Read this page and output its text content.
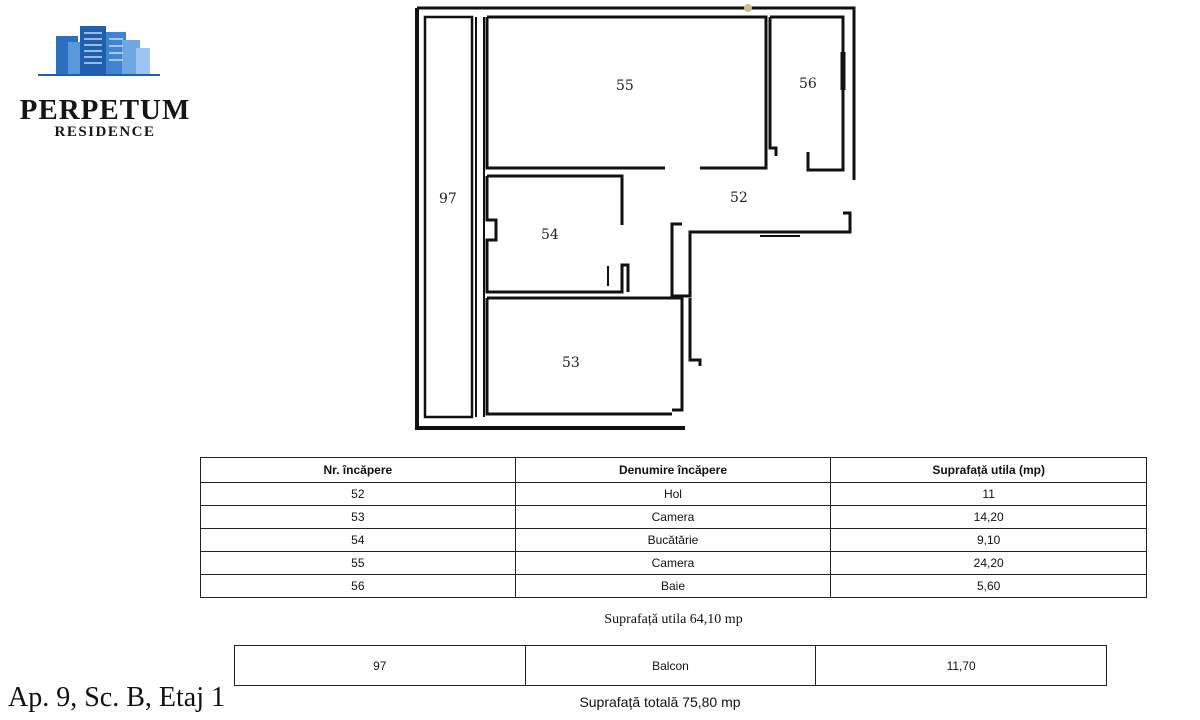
PERPETUM
RESIDENCE
55	56
97	52
54
53
Nr. încăpere	Denumire încăpere	Suprafață utila (mp)
52	Hol	11
53	Camera	14,20
54	Bucătărie	9,10
55	Camera	24,20
56	Baie	5,60
Suprafață utila 64,10 mp
97	Balcon	11,70
Ap. 9, Sc. B, Etaj 1	Suprafață totală 75,80 mp
